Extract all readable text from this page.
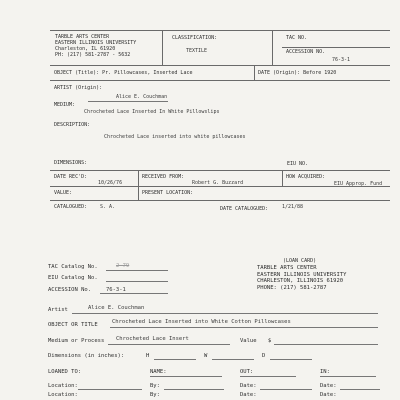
TARBLE ARTS CENTER
EASTERN ILLINOIS UNIVERSITY
Charleston, IL 61920
PH: (217) 581-2787 - 5632
CLASSIFICATION:
TEXTILE
TAC NO.
ACCESSION NO.
76-3-1
OBJECT (Title): Pr. Pillowcases, Inserted Lace	DATE (Origin): Before 1920
ARTIST (Origin):
Alice E. Couchman
MEDIUM:
Chrocheted Lace Inserted In White Pillowslips
DESCRIPTION:
Chrocheted Lace inserted into white pillowcases
DIMENSIONS:	EIU NO.
DATE REC'D:
10/26/76
RECEIVED FROM:
Robert G. Buzzard
HOW ACQUIRED:
EIU Approp. Fund
VALUE:	PRESENT LOCATION:
CATALOGUED:	S. A.	DATE CATALOGUED:	1/21/88
TAC Catalog No.	2-79
EIU Catalog No.
ACCESSION No.	76-3-1
(LOAN CARD)
TARBLE ARTS CENTER
EASTERN ILLINOIS UNIVERSITY
CHARLESTON, ILLINOIS 61920
PHONE: (217) 581-2787
Artist	Alice E. Couchman
OBJECT OR TITLE	Chrocheted Lace Inserted into White Cotton Pillowcases
Medium or Process Chrocheted Lace Insert	Value $
Dimensions (in inches):	H	W	D
LOANED TO:	NAME:	OUT:	IN:
Location:	By:	Date:	Date:
Location:	By:	Date:	Date:
